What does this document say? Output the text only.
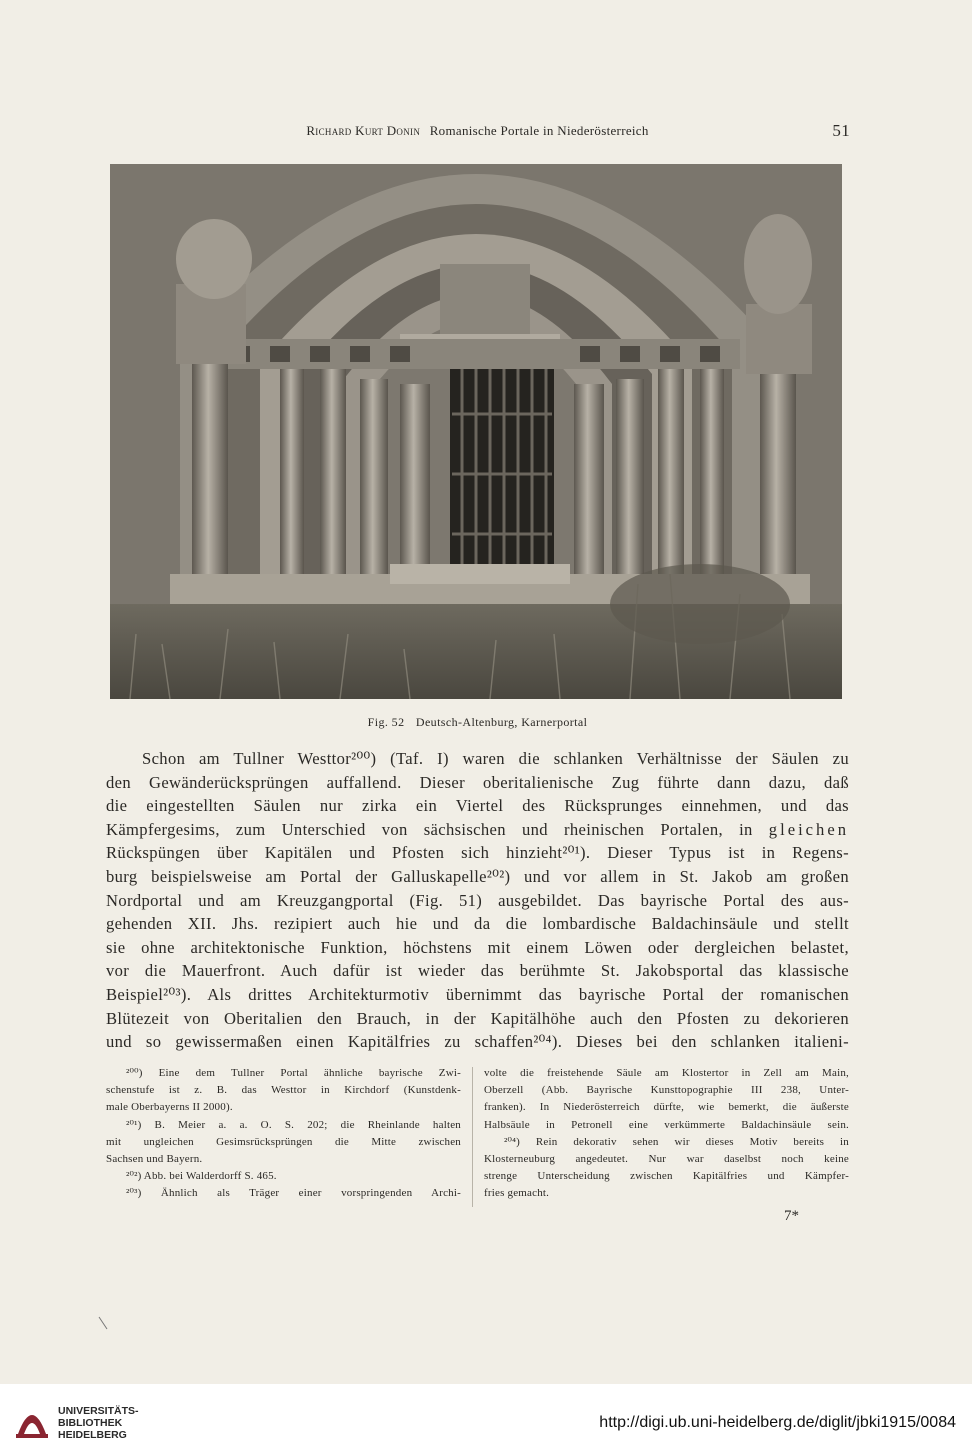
Richard Kurt Donin Romanische Portale in Niederösterreich	51
Fig. 52 Deutsch-Altenburg, Karnerportal
Schon am Tullner Westtor²⁰⁰) (Taf. I) waren die schlanken Verhältnisse der Säulen zu
den Gewänderücksprüngen auffallend. Dieser oberitalienische Zug führte dann dazu, daß
die eingestellten Säulen nur zirka ein Viertel des Rücksprunges einnehmen, und das
Kämpfergesims, zum Unterschied von sächsischen und rheinischen Portalen, in gleichen
Rückspüngen über Kapitälen und Pfosten sich hinzieht²⁰¹). Dieser Typus ist in Regens-
burg beispielsweise am Portal der Galluskapelle²⁰²) und vor allem in St. Jakob am großen
Nordportal und am Kreuzgangportal (Fig. 51) ausgebildet. Das bayrische Portal des aus-
gehenden XII. Jhs. rezipiert auch hie und da die lombardische Baldachinsäule und stellt
sie ohne architektonische Funktion, höchstens mit einem Löwen oder dergleichen belastet,
vor die Mauerfront. Auch dafür ist wieder das berühmte St. Jakobsportal das klassische
Beispiel²⁰³). Als drittes Architekturmotiv übernimmt das bayrische Portal der romanischen
Blütezeit von Oberitalien den Brauch, in der Kapitälhöhe auch den Pfosten zu dekorieren
und so gewissermaßen einen Kapitälfries zu schaffen²⁰⁴). Dieses bei den schlanken italieni-
²⁰⁰) Eine dem Tullner Portal ähnliche bayrische Zwi-
schenstufe ist z. B. das Westtor in Kirchdorf (Kunstdenk-
male Oberbayerns II 2000).
²⁰¹) B. Meier a. a. O. S. 202; die Rheinlande halten
mit ungleichen Gesimsrücksprüngen die Mitte zwischen
Sachsen und Bayern.
²⁰²) Abb. bei Walderdorff S. 465.
²⁰³) Ähnlich als Träger einer vorspringenden Archi-
volte die freistehende Säule am Klostertor in Zell am Main,
Oberzell (Abb. Bayrische Kunsttopographie III 238, Unter-
franken). In Niederösterreich dürfte, wie bemerkt, die äußerste
Halbsäule in Petronell eine verkümmerte Baldachinsäule sein.
²⁰⁴) Rein dekorativ sehen wir dieses Motiv bereits in
Klosterneuburg angedeutet. Nur war daselbst noch keine
strenge Unterscheidung zwischen Kapitälfries und Kämpfer-
fries gemacht.
7*
UNIVERSITÄTS-
BIBLIOTHEK
HEIDELBERG
http://digi.ub.uni-heidelberg.de/diglit/jbki1915/0084
